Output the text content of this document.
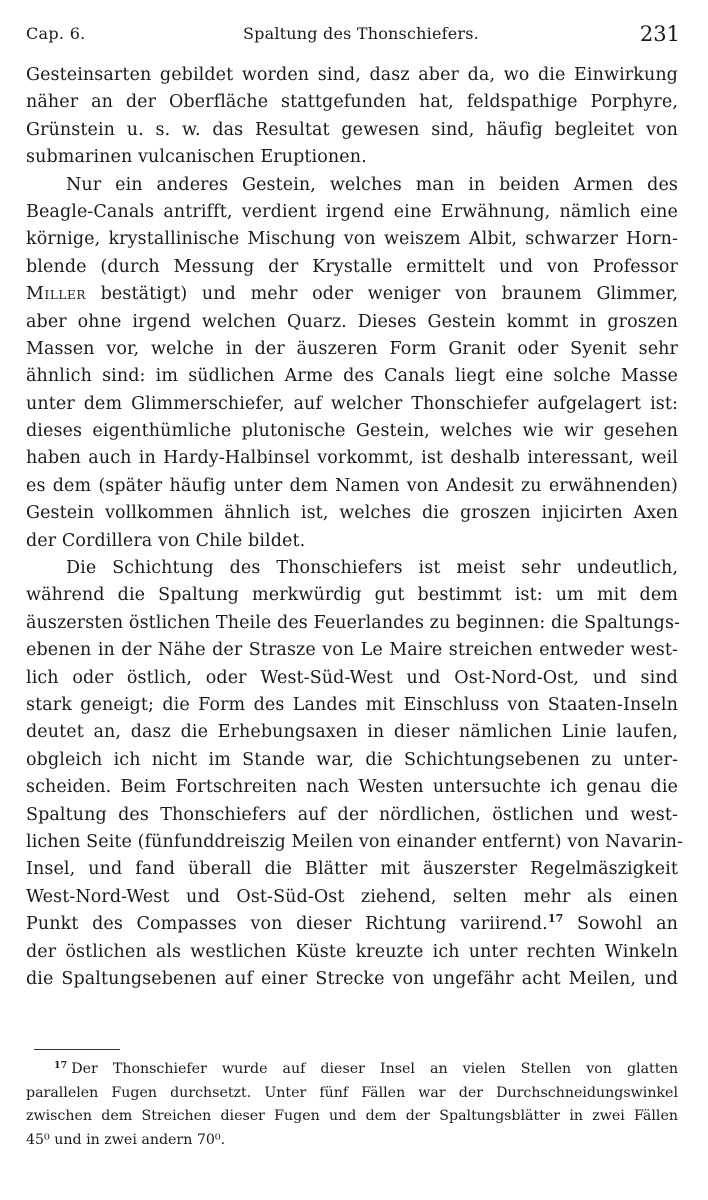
Cap. 6.	Spaltung des Thonschiefers.	231
Gesteinsarten gebildet worden sind, dasz aber da, wo die Einwirkung
näher an der Oberfläche stattgefunden hat, feldspathige Porphyre,
Grünstein u. s. w. das Resultat gewesen sind, häufig begleitet von
submarinen vulcanischen Eruptionen.
Nur ein anderes Gestein, welches man in beiden Armen des
Beagle-Canals antrifft, verdient irgend eine Erwähnung, nämlich eine
körnige, krystallinische Mischung von weiszem Albit, schwarzer Horn-
blende (durch Messung der Krystalle ermittelt und von Professor
Miller bestätigt) und mehr oder weniger von braunem Glimmer,
aber ohne irgend welchen Quarz. Dieses Gestein kommt in groszen
Massen vor, welche in der äuszeren Form Granit oder Syenit sehr
ähnlich sind: im südlichen Arme des Canals liegt eine solche Masse
unter dem Glimmerschiefer, auf welcher Thonschiefer aufgelagert ist:
dieses eigenthümliche plutonische Gestein, welches wie wir gesehen
haben auch in Hardy-Halbinsel vorkommt, ist deshalb interessant, weil
es dem (später häufig unter dem Namen von Andesit zu erwähnenden)
Gestein vollkommen ähnlich ist, welches die groszen injicirten Axen
der Cordillera von Chile bildet.
Die Schichtung des Thonschiefers ist meist sehr undeutlich,
während die Spaltung merkwürdig gut bestimmt ist: um mit dem
äuszersten östlichen Theile des Feuerlandes zu beginnen: die Spaltungs-
ebenen in der Nähe der Strasze von Le Maire streichen entweder west-
lich oder östlich, oder West-Süd-West und Ost-Nord-Ost, und sind
stark geneigt; die Form des Landes mit Einschluss von Staaten-Inseln
deutet an, dasz die Erhebungsaxen in dieser nämlichen Linie laufen,
obgleich ich nicht im Stande war, die Schichtungsebenen zu unter-
scheiden. Beim Fortschreiten nach Westen untersuchte ich genau die
Spaltung des Thonschiefers auf der nördlichen, östlichen und west-
lichen Seite (fünfunddreiszig Meilen von einander entfernt) von Navarin-
Insel, und fand überall die Blätter mit äuszerster Regelmäszigkeit
West-Nord-West und Ost-Süd-Ost ziehend, selten mehr als einen
Punkt des Compasses von dieser Richtung variirend.$^{17}$ Sowohl an
der östlichen als westlichen Küste kreuzte ich unter rechten Winkeln
die Spaltungsebenen auf einer Strecke von ungefähr acht Meilen, und
$^{17}$ Der Thonschiefer wurde auf dieser Insel an vielen Stellen von glatten
parallelen Fugen durchsetzt. Unter fünf Fällen war der Durchschneidungswinkel
zwischen dem Streichen dieser Fugen und dem der Spaltungsblätter in zwei Fällen
45⁰ und in zwei andern 70⁰.
